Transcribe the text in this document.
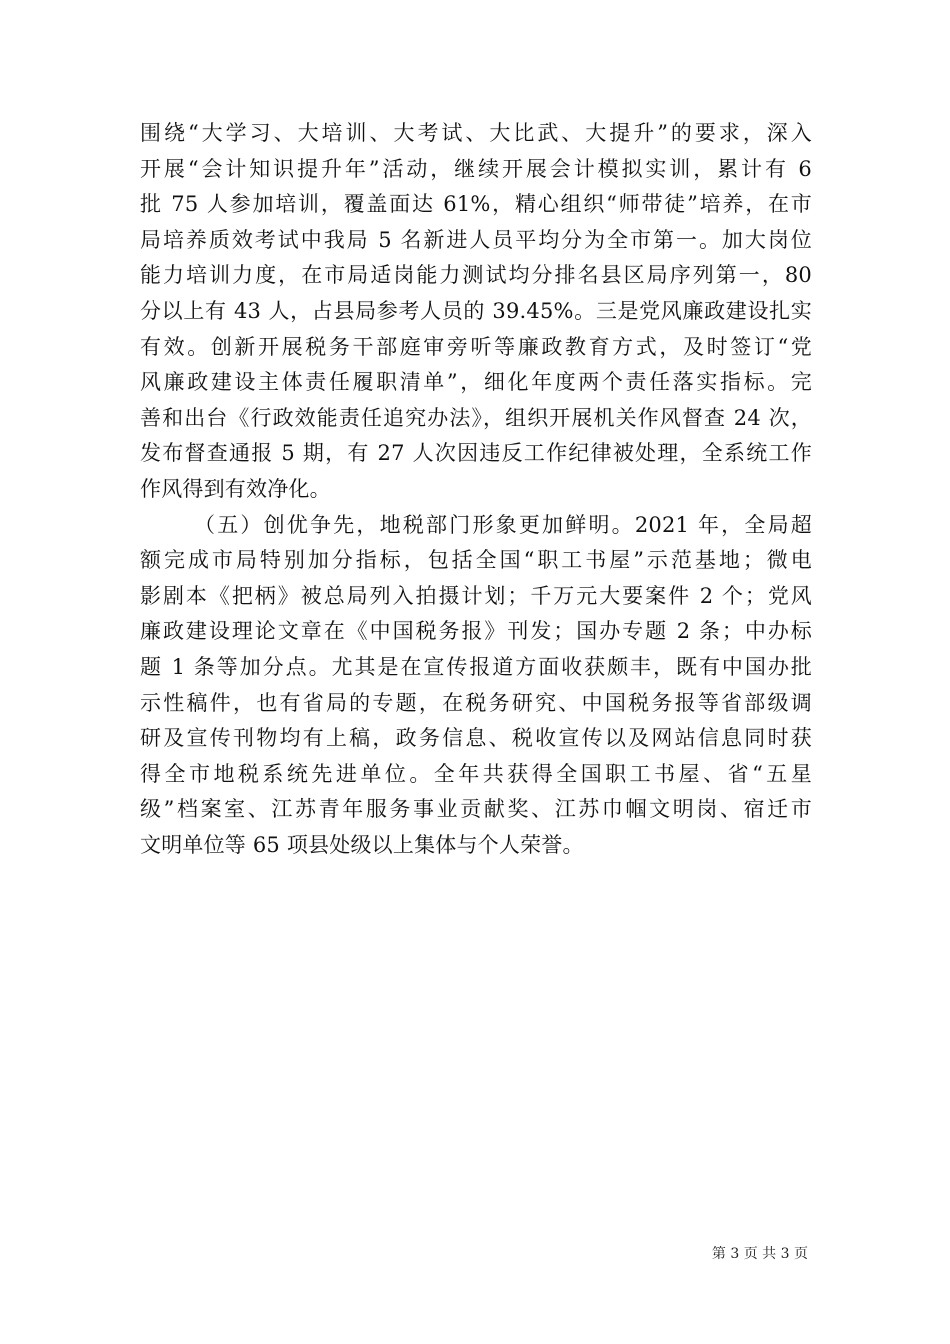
围绕“大学习、大培训、大考试、大比武、大提升”的要求，深入
开展“会计知识提升年”活动，继续开展会计模拟实训，累计有 6
批 75 人参加培训，覆盖面达 61%，精心组织“师带徒”培养，在市
局培养质效考试中我局 5 名新进人员平均分为全市第一。加大岗位
能力培训力度，在市局适岗能力测试均分排名县区局序列第一，80
分以上有 43 人，占县局参考人员的 39.45%。三是党风廉政建设扎实
有效。创新开展税务干部庭审旁听等廉政教育方式，及时签订“党
风廉政建设主体责任履职清单”，细化年度两个责任落实指标。完
善和出台《行政效能责任追究办法》，组织开展机关作风督查 24 次，
发布督查通报 5 期，有 27 人次因违反工作纪律被处理，全系统工作
作风得到有效净化。
（五）创优争先，地税部门形象更加鲜明。2021 年，全局超
额完成市局特别加分指标，包括全国“职工书屋”示范基地；微电
影剧本《把柄》被总局列入拍摄计划；千万元大要案件 2 个；党风
廉政建设理论文章在《中国税务报》刊发；国办专题 2 条；中办标
题 1 条等加分点。尤其是在宣传报道方面收获颇丰，既有中国办批
示性稿件，也有省局的专题，在税务研究、中国税务报等省部级调
研及宣传刊物均有上稿，政务信息、税收宣传以及网站信息同时获
得全市地税系统先进单位。全年共获得全国职工书屋、省“五星
级”档案室、江苏青年服务事业贡献奖、江苏巾帼文明岗、宿迁市
文明单位等 65 项县处级以上集体与个人荣誉。
第 3 页 共 3 页
